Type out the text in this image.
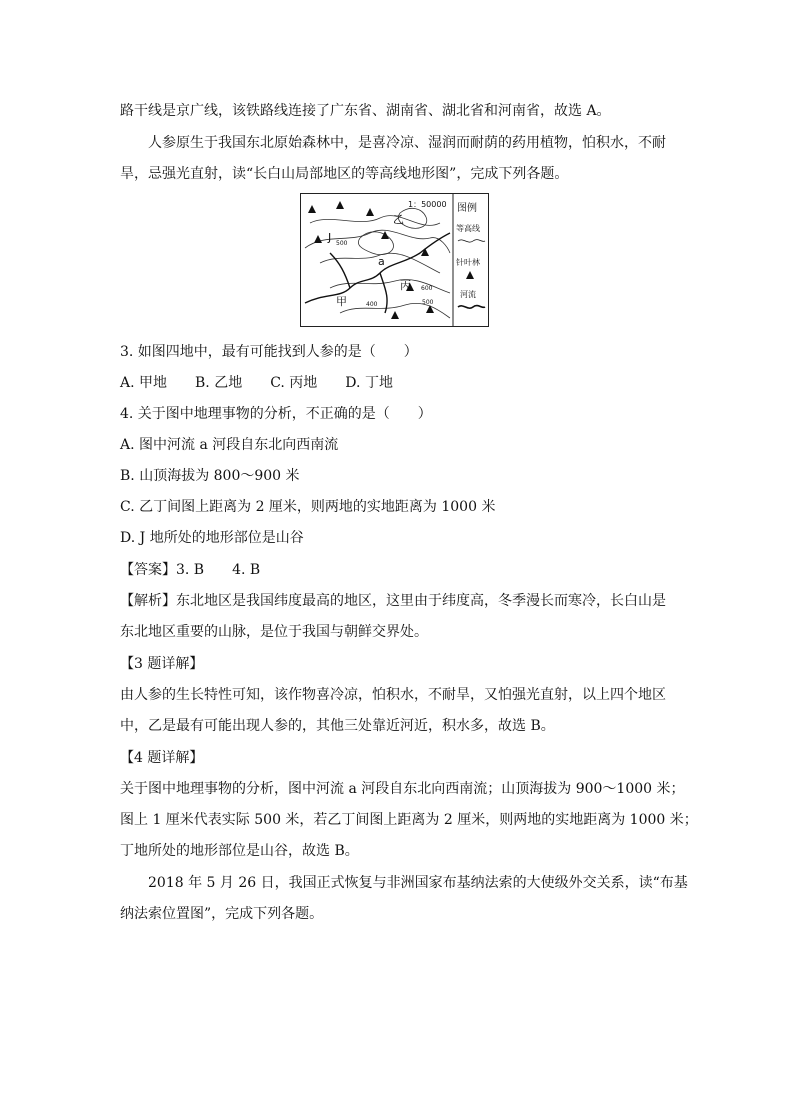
路干线是京广线，该铁路线连接了广东省、湖南省、湖北省和河南省，故选 A。
人参原生于我国东北原始森林中，是喜冷凉、湿润而耐荫的药用植物，怕积水，不耐
旱，忌强光直射，读“长白山局部地区的等高线地形图”，完成下列各题。
1：50000
乙
J 500
a
甲	400
丙 600
500
图例
等高线
针叶林
河流
3. 如图四地中，最有可能找到人参的是（　　）
A. 甲地　　B. 乙地　　C. 丙地　　D. 丁地
4. 关于图中地理事物的分析，不正确的是（　　）
A. 图中河流 a 河段自东北向西南流
B. 山顶海拔为 800～900 米
C. 乙丁间图上距离为 2 厘米，则两地的实地距离为 1000 米
D. J 地所处的地形部位是山谷
【答案】3. B　　4. B
【解析】东北地区是我国纬度最高的地区，这里由于纬度高，冬季漫长而寒冷，长白山是
东北地区重要的山脉，是位于我国与朝鲜交界处。
【3 题详解】
由人参的生长特性可知，该作物喜冷凉，怕积水，不耐旱，又怕强光直射，以上四个地区
中，乙是最有可能出现人参的，其他三处靠近河近，积水多，故选 B。
【4 题详解】
关于图中地理事物的分析，图中河流 a 河段自东北向西南流；山顶海拔为 900～1000 米；
图上 1 厘米代表实际 500 米，若乙丁间图上距离为 2 厘米，则两地的实地距离为 1000 米；
丁地所处的地形部位是山谷，故选 B。
2018 年 5 月 26 日，我国正式恢复与非洲国家布基纳法索的大使级外交关系，读“布基
纳法索位置图”，完成下列各题。
